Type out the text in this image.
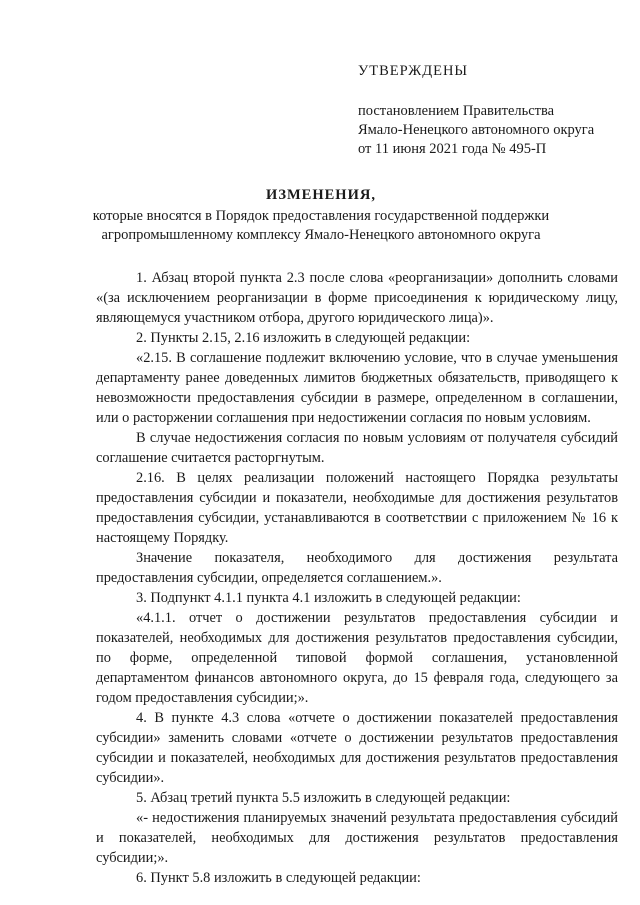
УТВЕРЖДЕНЫ
постановлением Правительства
Ямало-Ненецкого автономного округа
от 11 июня 2021 года № 495-П
ИЗМЕНЕНИЯ,
которые вносятся в Порядок предоставления государственной поддержки
агропромышленному комплексу Ямало-Ненецкого автономного округа

1. Абзац второй пункта 2.3 после слова «реорганизации» дополнить словами «(за исключением реорганизации в форме присоединения к юридическому лицу, являющемуся участником отбора, другого юридического лица)».

2. Пункты 2.15, 2.16 изложить в следующей редакции:

«2.15. В соглашение подлежит включению условие, что в случае уменьшения департаменту ранее доведенных лимитов бюджетных обязательств, приводящего к невозможности предоставления субсидии в размере, определенном в соглашении, или о расторжении соглашения при недостижении согласия по новым условиям.

В случае недостижения согласия по новым условиям от получателя субсидий соглашение считается расторгнутым.

2.16. В целях реализации положений настоящего Порядка результаты предоставления субсидии и показатели, необходимые для достижения результатов предоставления субсидии, устанавливаются в соответствии с приложением № 16 к настоящему Порядку.

Значение показателя, необходимого для достижения результата предоставления субсидии, определяется соглашением.».

3. Подпункт 4.1.1 пункта 4.1 изложить в следующей редакции:

«4.1.1. отчет о достижении результатов предоставления субсидии и показателей, необходимых для достижения результатов предоставления субсидии, по форме, определенной типовой формой соглашения, установленной департаментом финансов автономного округа, до 15 февраля года, следующего за годом предоставления субсидии;».

4. В пункте 4.3 слова «отчете о достижении показателей предоставления субсидии» заменить словами «отчете о достижении результатов предоставления субсидии и показателей, необходимых для достижения результатов предоставления субсидии».

5. Абзац третий пункта 5.5 изложить в следующей редакции:

«- недостижения планируемых значений результата предоставления субсидий и показателей, необходимых для достижения результатов предоставления субсидии;».

6. Пункт 5.8 изложить в следующей редакции:
